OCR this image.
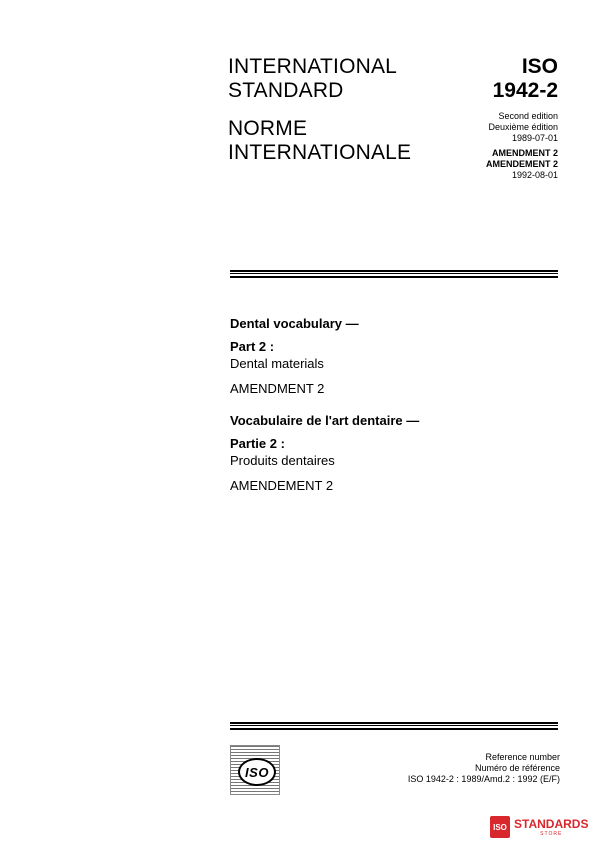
INTERNATIONAL
STANDARD
NORME
INTERNATIONALE
ISO
1942-2
Second edition
Deuxième édition
1989-07-01
AMENDMENT 2
AMENDEMENT 2
1992-08-01
Dental vocabulary —
Part 2 :
Dental materials
AMENDMENT 2
Vocabulaire de l'art dentaire —
Partie 2 :
Produits dentaires
AMENDEMENT 2
ISO
Reference number
Numéro de référence
ISO 1942-2 : 1989/Amd.2 : 1992 (E/F)
ISO STANDARDS
STORE
